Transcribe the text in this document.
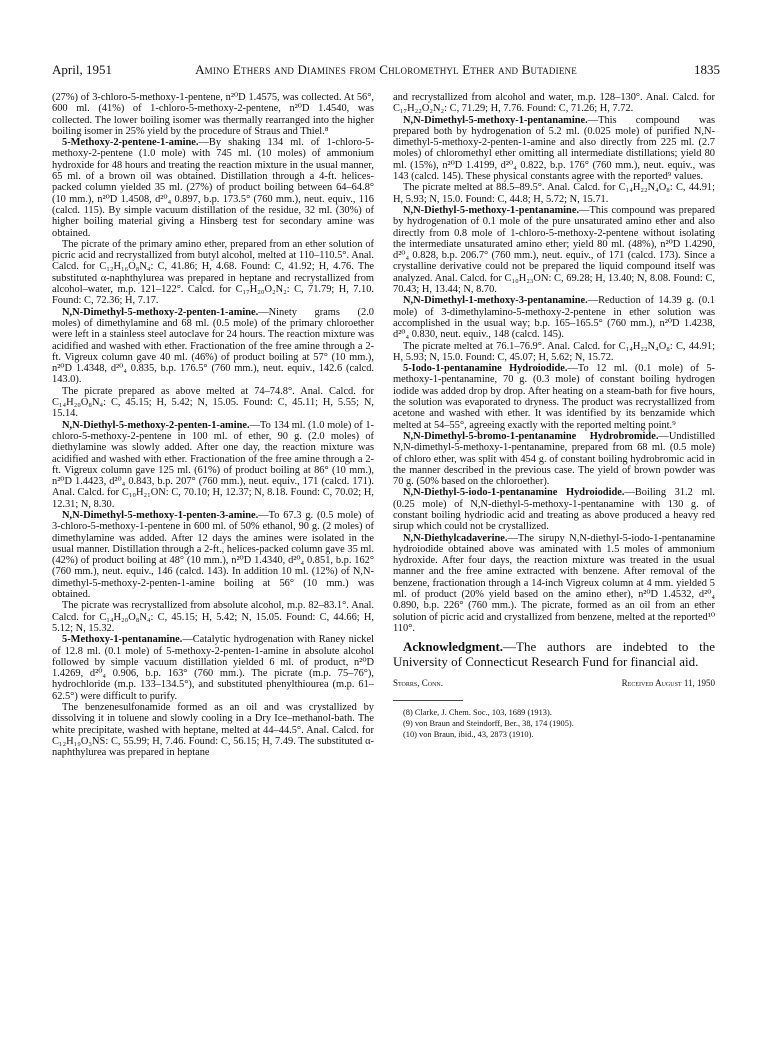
April, 1951	Amino Ethers and Diamines from Chloromethyl Ether and Butadiene	1835

(27%) of 3-chloro-5-methoxy-1-pentene, n²⁰D 1.4575, was collected. At 56°, 600 ml. (41%) of 1-chloro-5-methoxy-2-pentene, n²⁰D 1.4540, was collected. The lower boiling isomer was thermally rearranged into the higher boiling isomer in 25% yield by the procedure of Straus and Thiel.⁸

5-Methoxy-2-pentene-1-amine.—By shaking 134 ml. of 1-chloro-5-methoxy-2-pentene (1.0 mole) with 745 ml. (10 moles) of ammonium hydroxide for 48 hours and treating the reaction mixture in the usual manner, 65 ml. of a brown oil was obtained. Distillation through a 4-ft. helices-packed column yielded 35 ml. (27%) of product boiling between 64–64.8° (10 mm.), n²⁰D 1.4508, d²⁰₄ 0.897, b.p. 173.5° (760 mm.), neut. equiv., 116 (calcd. 115). By simple vacuum distillation of the residue, 32 ml. (30%) of higher boiling material giving a Hinsberg test for secondary amine was obtained.

The picrate of the primary amino ether, prepared from an ether solution of picric acid and recrystallized from butyl alcohol, melted at 110–110.5°. Anal. Calcd. for C₁₂H₁₆O₈N₄: C, 41.86; H, 4.68. Found: C, 41.92; H, 4.76. The substituted α-naphthylurea was prepared in heptane and recrystallized from alcohol–water, m.p. 121–122°. Calcd. for C₁₇H₂₀O₂N₂: C, 71.79; H, 7.10. Found: C, 72.36; H, 7.17.

N,N-Dimethyl-5-methoxy-2-penten-1-amine.—Ninety grams (2.0 moles) of dimethylamine and 68 ml. (0.5 mole) of the primary chloroether were left in a stainless steel autoclave for 24 hours. The reaction mixture was acidified and washed with ether. Fractionation of the free amine through a 2-ft. Vigreux column gave 40 ml. (46%) of product boiling at 57° (10 mm.), n²⁰D 1.4348, d²⁰₄ 0.835, b.p. 176.5° (760 mm.), neut. equiv., 142.6 (calcd. 143.0).

The picrate prepared as above melted at 74–74.8°. Anal. Calcd. for C₁₄H₂₀O₈N₄: C, 45.15; H, 5.42; N, 15.05. Found: C, 45.11; H, 5.55; N, 15.14.

N,N-Diethyl-5-methoxy-2-penten-1-amine.—To 134 ml. (1.0 mole) of 1-chloro-5-methoxy-2-pentene in 100 ml. of ether, 90 g. (2.0 moles) of diethylamine was slowly added. After one day, the reaction mixture was acidified and washed with ether. Fractionation of the free amine through a 2-ft. Vigreux column gave 125 ml. (61%) of product boiling at 86° (10 mm.), n²⁰D 1.4423, d²⁰₄ 0.843, b.p. 207° (760 mm.), neut. equiv., 171 (calcd. 171). Anal. Calcd. for C₁₀H₂₁ON: C, 70.10; H, 12.37; N, 8.18. Found: C, 70.02; H, 12.31; N, 8.30.

N,N-Dimethyl-5-methoxy-1-penten-3-amine.—To 67.3 g. (0.5 mole) of 3-chloro-5-methoxy-1-pentene in 600 ml. of 50% ethanol, 90 g. (2 moles) of dimethylamine was added. After 12 days the amines were isolated in the usual manner. Distillation through a 2-ft., helices-packed column gave 35 ml. (42%) of product boiling at 48° (10 mm.), n²⁰D 1.4340, d²⁰₄ 0.851, b.p. 162° (760 mm.), neut. equiv., 146 (calcd. 143). In addition 10 ml. (12%) of N,N-dimethyl-5-methoxy-2-penten-1-amine boiling at 56° (10 mm.) was obtained.

The picrate was recrystallized from absolute alcohol, m.p. 82–83.1°. Anal. Calcd. for C₁₄H₂₀O₈N₄: C, 45.15; H, 5.42; N, 15.05. Found: C, 44.66; H, 5.12; N, 15.32.

5-Methoxy-1-pentanamine.—Catalytic hydrogenation with Raney nickel of 12.8 ml. (0.1 mole) of 5-methoxy-2-penten-1-amine in absolute alcohol followed by simple vacuum distillation yielded 6 ml. of product, n²⁰D 1.4269, d²⁰₄ 0.906, b.p. 163° (760 mm.). The picrate (m.p. 75–76°), hydrochloride (m.p. 133–134.5°), and substituted phenylthiourea (m.p. 61–62.5°) were difficult to purify.

The benzenesulfonamide formed as an oil and was crystallized by dissolving it in toluene and slowly cooling in a Dry Ice–methanol-bath. The white precipitate, washed with heptane, melted at 44–44.5°. Anal. Calcd. for C₁₂H₁₉O₃NS: C, 55.99; H, 7.46. Found: C, 56.15; H, 7.49. The substituted α-naphthylurea was prepared in heptane

and recrystallized from alcohol and water, m.p. 128–130°. Anal. Calcd. for C₁₇H₂₂O₂N₂: C, 71.29; H, 7.76. Found: C, 71.26; H, 7.72.

N,N-Dimethyl-5-methoxy-1-pentanamine.—This compound was prepared both by hydrogenation of 5.2 ml. (0.025 mole) of purified N,N-dimethyl-5-methoxy-2-penten-1-amine and also directly from 225 ml. (2.7 moles) of chloromethyl ether omitting all intermediate distillations; yield 80 ml. (15%), n²⁰D 1.4199, d²⁰₄ 0.822, b.p. 176° (760 mm.), neut. equiv., was 143 (calcd. 145). These physical constants agree with the reported⁹ values.

The picrate melted at 88.5–89.5°. Anal. Calcd. for C₁₄H₂₂N₄O₈: C, 44.91; H, 5.93; N, 15.0. Found: C, 44.8; H, 5.72; N, 15.71.

N,N-Diethyl-5-methoxy-1-pentanamine.—This compound was prepared by hydrogenation of 0.1 mole of the pure unsaturated amino ether and also directly from 0.8 mole of 1-chloro-5-methoxy-2-pentene without isolating the intermediate unsaturated amino ether; yield 80 ml. (48%), n²⁰D 1.4290, d²⁰₄ 0.828, b.p. 206.7° (760 mm.), neut. equiv., of 171 (calcd. 173). Since a crystalline derivative could not be prepared the liquid compound itself was analyzed. Anal. Calcd. for C₁₀H₂₃ON: C, 69.28; H, 13.40; N, 8.08. Found: C, 70.43; H, 13.44; N, 8.70.

N,N-Dimethyl-1-methoxy-3-pentanamine.—Reduction of 14.39 g. (0.1 mole) of 3-dimethylamino-5-methoxy-2-pentene in ether solution was accomplished in the usual way; b.p. 165–165.5° (760 mm.), n²⁰D 1.4238, d²⁰₄ 0.830, neut. equiv., 148 (calcd. 145).

The picrate melted at 76.1–76.9°. Anal. Calcd. for C₁₄H₂₂N₄O₈: C, 44.91; H, 5.93; N, 15.0. Found: C, 45.07; H, 5.62; N, 15.72.

5-Iodo-1-pentanamine Hydroiodide.—To 12 ml. (0.1 mole) of 5-methoxy-1-pentanamine, 70 g. (0.3 mole) of constant boiling hydrogen iodide was added drop by drop. After heating on a steam-bath for five hours, the solution was evaporated to dryness. The product was recrystallized from acetone and washed with ether. It was identified by its benzamide which melted at 54–55°, agreeing exactly with the reported melting point.⁹

N,N-Dimethyl-5-bromo-1-pentanamine Hydrobromide.—Undistilled N,N-dimethyl-5-methoxy-1-pentanamine, prepared from 68 ml. (0.5 mole) of chloro ether, was split with 454 g. of constant boiling hydrobromic acid in the manner described in the previous case. The yield of brown powder was 70 g. (50% based on the chloroether).

N,N-Diethyl-5-iodo-1-pentanamine Hydroiodide.—Boiling 31.2 ml. (0.25 mole) of N,N-diethyl-5-methoxy-1-pentanamine with 130 g. of constant boiling hydriodic acid and treating as above produced a heavy red sirup which could not be crystallized.

N,N-Diethylcadaverine.—The sirupy N,N-diethyl-5-iodo-1-pentanamine hydroiodide obtained above was aminated with 1.5 moles of ammonium hydroxide. After four days, the reaction mixture was treated in the usual manner and the free amine extracted with benzene. After removal of the benzene, fractionation through a 14-inch Vigreux column at 4 mm. yielded 5 ml. of product (20% yield based on the amino ether), n²⁰D 1.4532, d²⁰₄ 0.890, b.p. 226° (760 mm.). The picrate, formed as an oil from an ether solution of picric acid and crystallized from benzene, melted at the reported¹⁰ 110°.

Acknowledgment.—The authors are indebted to the University of Connecticut Research Fund for financial aid.

Storrs, Conn.	Received August 11, 1950

(8) Clarke, J. Chem. Soc., 103, 1689 (1913).

(9) von Braun and Steindorff, Ber., 38, 174 (1905).

(10) von Braun, ibid., 43, 2873 (1910).
